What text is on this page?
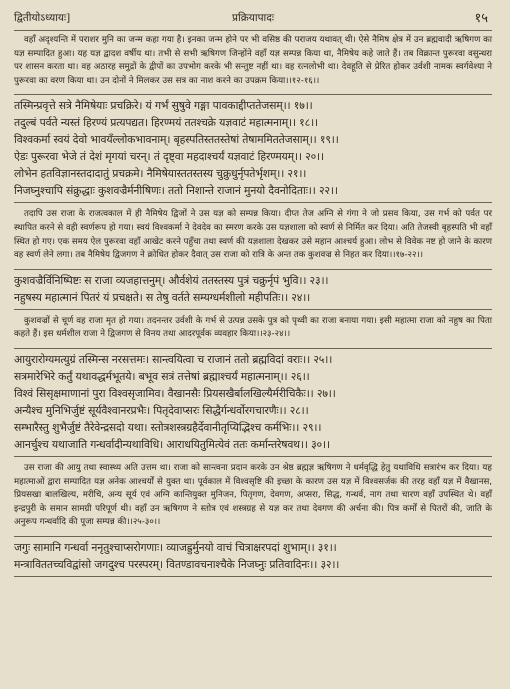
द्वितीयोऽध्यायः]	प्रक्रियापादः	१५

वहाँ अदृश्यन्ति में पराशर मुनि का जन्म कहा गया है। इनका जन्म होने पर भी वसिष्ठ की पराजय यथावत् थी। ऐसे नैमिष क्षेत्र में उन ब्रह्मवादी ऋषिगण का यज्ञ सम्पादित हुआ। यह यज्ञ द्वादश वर्षीय था। तभी से सभी ऋषिगण जिन्होंने वहाँ यज्ञ सम्पन्न किया था, नैमिषेय कहे जाते हैं। तब विक्रान्त पुरूरवा वसुन्धरा पर शासन करता था। वह अठारह समुद्रों के द्वीपों का उपभोग करके भी सन्तुष्ट नहीं था। वह रत्नलोभी था। देवहूति से प्रेरित होकर उर्वशी नामक स्वर्गवेश्या ने पुरूरवा का वरण किया था। उन दोनों ने मिलकर उस सत्र का नाश करने का उपक्रम किया।।१२-१६।।

तस्मिन्प्रवृत्ते सत्रे नैमिषेयाः प्रचक्रिरे। यं गर्भं सुषुवे गङ्गा पावकाद्दीप्ततेजसम्।। १७।।
तदुल्बं पर्वते न्यस्तं हिरण्यं प्रत्यपद्यत। हिरण्मयं ततश्चक्रे यज्ञवाटं महात्मनाम्।। १८।।
विश्वकर्मा स्वयं देवो भावयँल्लोकभावनाम्। बृहस्पतिस्ततस्तेषां तेषाममिततेजसाम्।। १९।।
ऐडः पुरूरवा भेजे तं देशं मृगयां चरन्। तं दृष्ट्वा महदाश्चर्यं यज्ञवाटं हिरण्मयम्।। २०।।
लोभेन हतविज्ञानस्तदादातुं प्रचक्रमे। नैमिषेयास्ततस्तस्य चुक्रुधुर्नृपतेर्भृशम्।। २१।।
निजघ्नुश्चापि संक्रुद्धाः कुशवज्रैर्मनीषिणः। ततो निशान्ते राजानं मुनयो दैवनोदिताः।। २२।।

तदापि उस राजा के राजत्वकाल में ही नैमिषेय द्विजों ने उस यज्ञ को सम्पन्न किया। दीप्त तेज अग्नि से गंगा ने जो प्रसव किया, उस गर्भ को पर्वत पर स्थापित करने से वही स्वर्णरूप हो गया। स्वयं विश्वकर्मा ने देवदेव का स्मरण करके उस यज्ञशाला को स्वर्ण से निर्मित कर दिया। अति तेजस्वी बृहस्पति भी वहाँ स्थित हो गए। एक समय ऐल पुरूरवा वहाँ आखेट करने पहुँचा तथा स्वर्ण की यज्ञशाला देखकर उसे महान आश्चर्य हुआ। लोभ से विवेक नष्ट हो जाने के कारण वह स्वर्ण लेने लगा। तब नैमिषेय द्विजगण ने क्रोधित होकर दैवात् उस राजा को रात्रि के अन्त तक कुशवज्र से निहत कर दिया।।१७-२२।।

कुशवज्रैर्विनिष्पिष्टः स राजा व्यजहात्तनुम्। और्वशेयं ततस्तस्य पुत्रं चक्रुर्नृपं भुवि।। २३।।
नहुषस्य महात्मानं पितरं यं प्रचक्षते। स तेषु वर्तते सम्यग्धर्मशीलो महीपतिः।। २४।।

कुशवज्रों से चूर्ण वह राजा मृत हो गया। तदनन्तर उर्वशी के गर्भ से उत्पन्न उसके पुत्र को पृथ्वी का राजा बनाया गया। इसी महात्मा राजा को नहुष का पिता कहते हैं। इस धर्मशील राजा ने द्विजगण से विनय तथा आदरपूर्वक व्यवहार किया।।२३-२४।।

आयुरारोग्यमत्युग्रं तस्मिन्स नरसत्तमः। सान्त्वयित्वा च राजानं ततो ब्रह्मविदां वराः।। २५।।
सत्रमारेभिरे कर्तुं यथावद्धर्मभूतये। बभूव सत्रं तत्तेषां ब्रह्माश्चर्यं महात्मनाम्।। २६।।
विश्वं सिसृक्षमाणानां पुरा विश्वसृजामिव। वैखानसैः प्रियसखैर्बालखिल्यैर्मरीचिकैः।। २७।।
अन्यैश्च मुनिभिर्जुष्टं सूर्यवैश्वानरप्रभैः। पितृदेवाप्सरः सिद्धैर्गन्धर्वोरगचारणैः।। २८।।
सम्भारैस्तु शुभैर्जुष्टं तैरेवेन्द्रसदो यथा। स्तोत्रशस्त्रग्रहैर्देवानीतृप्यिद्भिश्च कर्मभिः।। २९।।
आनर्चुश्च यथाजाति गन्धर्वादीन्यथाविधि। आराधयितुमित्येवं ततः कर्मान्तरेषवथ।। ३०।।

उस राजा की आयु तथा स्वास्थ्य अति उत्तम था। राजा को सान्त्वना प्रदान करके उन श्रेष्ठ ब्रह्मज्ञ ऋषिगण ने धर्मवृद्धि हेतु यथाविधि सत्रारंभ कर दिया। यह महात्माओं द्वारा सम्पादित यज्ञ अनेक आश्चर्यों से युक्त था। पूर्वकाल में विश्वसृष्टि की इच्छा के कारण उस यज्ञ में विश्वसर्जक की तरह वहाँ यज्ञ में वैखानस, प्रियसखा बालखिल्य, मरीचि, अन्य सूर्य एवं अग्नि कान्तियुक्त मुनिजन, पितृगण, देवगण, अप्सरा, सिद्ध, गन्धर्व, नाग तथा चारण वहाँ उपस्थित थे। वहाँ इन्द्रपुरी के समान सामग्री परिपूर्ण थी। वहाँ उन ऋषिगण ने स्तोत्र एवं शस्त्रग्रह से यज्ञ कर तथा देवगण की अर्चना की। पित्र कर्मों से पितरों की, जाति के अनुरूप गन्धर्वादि की पूजा सम्पन्न की।।२५-३०।।

जगुः सामानि गन्धर्वा ननृतुश्चाप्सरोगणाः। व्याजह्रुर्मुनयो वाचं चित्राक्षरपदां शुभाम्।। ३१।।
मन्त्राविततच्चविद्वांसो जगदुश्च परस्परम्। वितण्डावचनाश्चैके निजघ्नुः प्रतिवादिनः।। ३२।।
